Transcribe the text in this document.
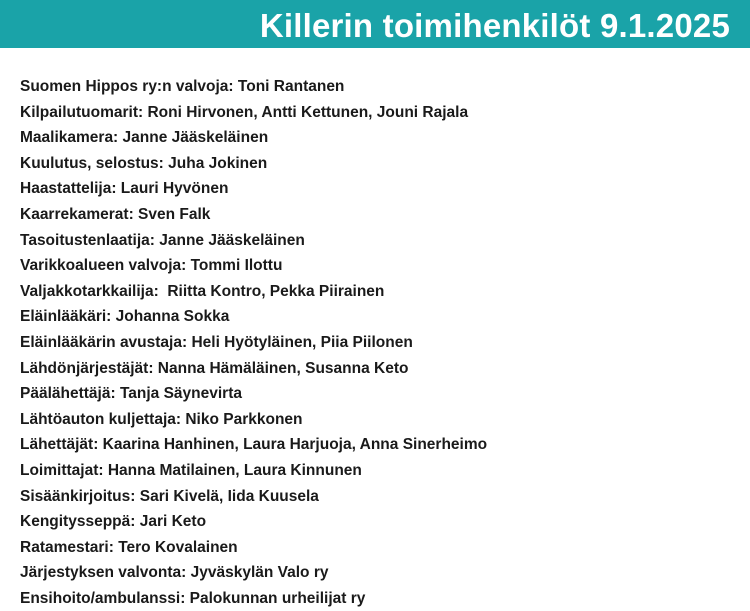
Killerin toimihenkilöt 9.1.2025
Suomen Hippos ry:n valvoja: Toni Rantanen
Kilpailutuomarit: Roni Hirvonen, Antti Kettunen, Jouni Rajala
Maalikamera: Janne Jääskeläinen
Kuulutus, selostus: Juha Jokinen
Haastattelija: Lauri Hyvönen
Kaarrekamerat: Sven Falk
Tasoitustenlaatija: Janne Jääskeläinen
Varikkoalueen valvoja: Tommi Ilottu
Valjakkotarkkailija:  Riitta Kontro, Pekka Piirainen
Eläinlääkäri: Johanna Sokka
Eläinlääkärin avustaja: Heli Hyötyläinen, Piia Piilonen
Lähdönjärjestäjät: Nanna Hämäläinen, Susanna Keto
Päälähettäjä: Tanja Säynevirta
Lähtöauton kuljettaja: Niko Parkkonen
Lähettäjät: Kaarina Hanhinen, Laura Harjuoja, Anna Sinerheimo
Loimittajat: Hanna Matilainen, Laura Kinnunen
Sisäänkirjoitus: Sari Kivelä, Iida Kuusela
Kengitysseppä: Jari Keto
Ratamestari: Tero Kovalainen
Järjestyksen valvonta: Jyväskylän Valo ry
Ensihoito/ambulanssi: Palokunnan urheilijat ry
